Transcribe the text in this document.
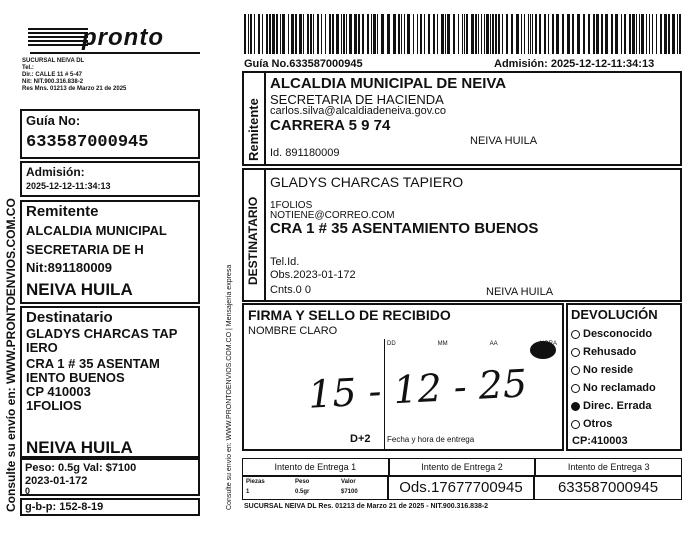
pronto
SUCURSAL NEIVA DL
Tel.:
Dir.: CALLE 11 # 5-47
Nit: NIT.900.316.838-2
Res Mns. 01213 de Marzo 21 de 2025
Guía No:
633587000945
Admisión:
2025-12-12-11:34:13
Remitente
ALCALDIA MUNICIPAL
SECRETARIA DE H
Nit:891180009
NEIVA HUILA
Destinatario
GLADYS CHARCAS TAP
IERO
CRA 1 # 35 ASENTAM
IENTO BUENOS
CP 410003
1FOLIOS
NEIVA HUILA
Peso: 0.5g Val: $7100
2023-01-172
0
g-b-p: 152-8-19
Consulte su envío en: WWW.PRONTOENVIOS.COM.CO
Guía No.633587000945	Admisión: 2025-12-12-11:34:13
Remitente
ALCALDIA MUNICIPAL DE NEIVA
SECRETARIA DE HACIENDA
carlos.silva@alcaldiadeneiva.gov.co
CARRERA 5 9 74
NEIVA HUILA
Id. 891180009
Consulte su envío en: WWW.PRONTOENVIOS.COM.CO | Mensajería expresa
DESTINATARIO
GLADYS CHARCAS TAPIERO
1FOLIOS
NOTIENE@CORREO.COM
CRA 1 # 35 ASENTAMIENTO BUENOS
Tel.Id.
Obs.2023-01-172
Cnts.0 0	NEIVA HUILA
FIRMA Y SELLO DE RECIBIDO
NOMBRE CLARO
15 - 12 - 25
D+2
DD	MM	AA	HORA
Fecha y hora de entrega
DEVOLUCIÓN
Desconocido
Rehusado
No reside
No reclamado
Direc. Errada
Otros
CP:410003
Intento de Entrega 1	Intento de Entrega 2	Intento de Entrega 3
Piezas	Peso	Valor
1	0.5gr	$7100	Ods.17677700945	633587000945
SUCURSAL NEIVA DL Res. 01213 de Marzo 21 de 2025 - NIT.900.316.838-2
